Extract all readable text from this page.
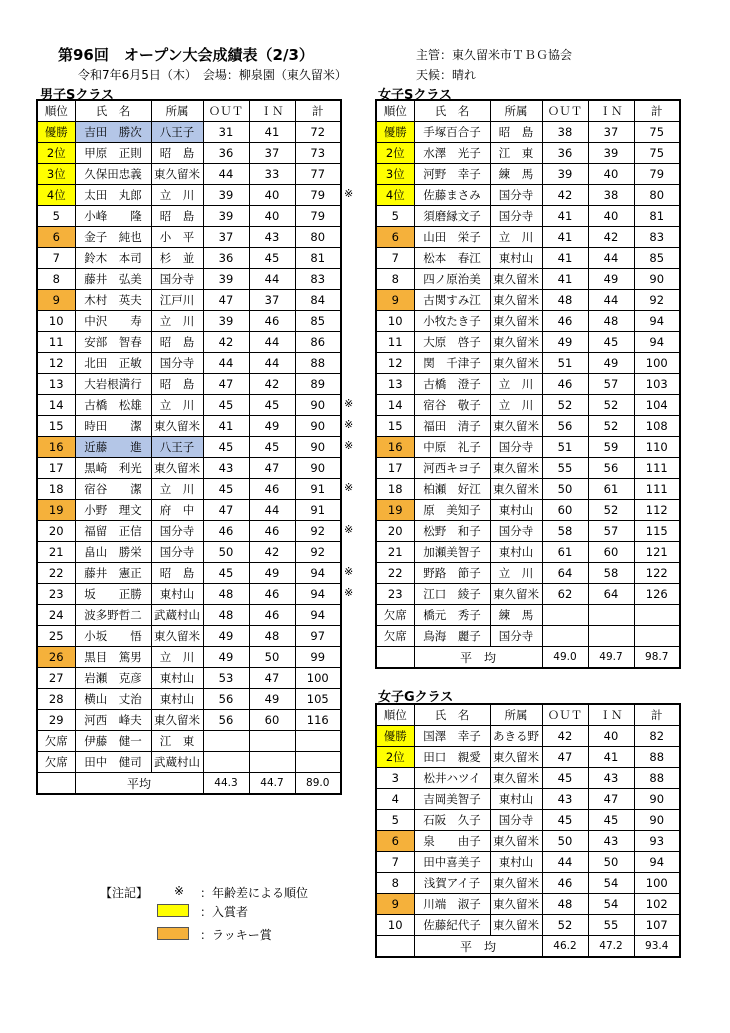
第96回　オープン大会成績表（2/3）
令和7年6月5日（木）　会場：柳泉園（東久留米）
主管：東久留米市ＴＢＧ協会
天候：晴れ
男子Sクラス
順位	氏　名	所属	ＯＵＴ	ＩＮ	計
優勝	吉田　勝次	八王子	31	41	72
2位	甲原　正則	昭　島	36	37	73
3位	久保田忠義	東久留米	44	33	77
4位	太田　丸郎	立　川	39	40	79
5	小峰　　隆	昭　島	39	40	79
6	金子　純也	小　平	37	43	80
7	鈴木　本司	杉　並	36	45	81
8	藤井　弘美	国分寺	39	44	83
9	木村　英夫	江戸川	47	37	84
10	中沢　　寿	立　川	39	46	85
11	安部　智春	昭　島	42	44	86
12	北田　正敏	国分寺	44	44	88
13	大岩根満行	昭　島	47	42	89
14	古橋　松雄	立　川	45	45	90
15	時田　　潔	東久留米	41	49	90
16	近藤　　進	八王子	45	45	90
17	黒崎　利光	東久留米	43	47	90
18	宿谷　　潔	立　川	45	46	91
19	小野　理文	府　中	47	44	91
20	福留　正信	国分寺	46	46	92
21	畠山　勝栄	国分寺	50	42	92
22	藤井　憲正	昭　島	45	49	94
23	坂　　正勝	東村山	48	46	94
24	波多野哲二	武蔵村山	48	46	94
25	小坂　　悟	東久留米	49	48	97
26	黒目　篤男	立　川	49	50	99
27	岩瀬　克彦	東村山	53	47	100
28	横山　丈治	東村山	56	49	105
29	河西　峰夫	東久留米	56	60	116
欠席	伊藤　健一	江　東			
欠席	田中　健司	武蔵村山			
	平均		44.3	44.7	89.0
女子Sクラス
順位	氏　名	所属	ＯＵＴ	ＩＮ	計
優勝	手塚百合子	昭　島	38	37	75
2位	水澤　光子	江　東	36	39	75
3位	河野　幸子	練　馬	39	40	79
4位	佐藤まさみ	国分寺	42	38	80
5	須磨縁文子	国分寺	41	40	81
6	山田　栄子	立　川	41	42	83
7	松本　春江	東村山	41	44	85
8	四ノ原治美	東久留米	41	49	90
9	古関すみ江	東久留米	48	44	92
10	小牧たき子	東久留米	46	48	94
11	大原　啓子	東久留米	49	45	94
12	関　千津子	東久留米	51	49	100
13	古橋　澄子	立　川	46	57	103
14	宿谷　敬子	立　川	52	52	104
15	福田　清子	東久留米	56	52	108
16	中原　礼子	国分寺	51	59	110
17	河西キヨ子	東久留米	55	56	111
18	柏瀬　好江	東久留米	50	61	111
19	原　美知子	東村山	60	52	112
20	松野　和子	国分寺	58	57	115
21	加瀬美智子	東村山	61	60	121
22	野路　節子	立　川	64	58	122
23	江口　綾子	東久留米	62	64	126
欠席	橋元　秀子	練　馬			
欠席	鳥海　麗子	国分寺			
	平　均		49.0	49.7	98.7
女子Gクラス
順位	氏　名	所属	ＯＵＴ	ＩＮ	計
優勝	国澤　幸子	あきる野	42	40	82
2位	田口　親愛	東久留米	47	41	88
3	松井ハツイ	東久留米	45	43	88
4	吉岡美智子	東村山	43	47	90
5	石阪　久子	国分寺	45	45	90
6	泉　　由子	東久留米	50	43	93
7	田中喜美子	東村山	44	50	94
8	浅賀アイ子	東久留米	46	54	100
9	川端　淑子	東久留米	48	54	102
10	佐藤紀代子	東久留米	52	55	107
	平　均		46.2	47.2	93.4
※
※
※
※
※
※
※
※
【注記】 ※ ：年齢差による順位
：入賞者
：ラッキー賞
